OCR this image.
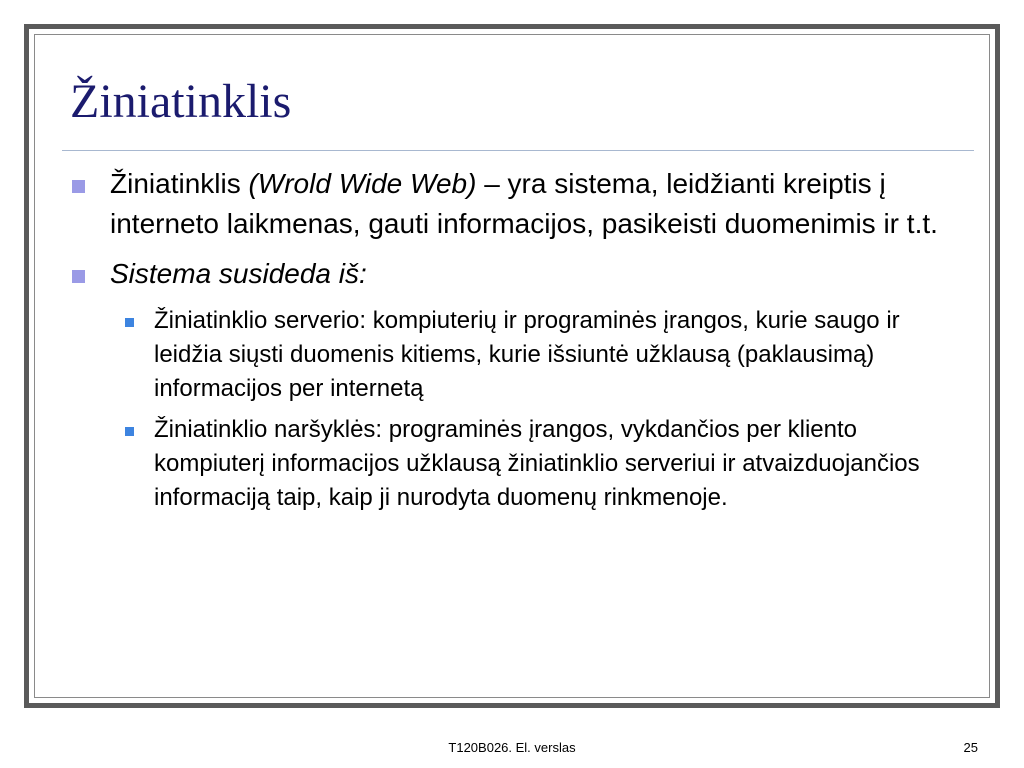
Žiniatinklis
Žiniatinklis (Wrold Wide Web) – yra sistema, leidžianti kreiptis į interneto laikmenas, gauti informacijos, pasikeisti duomenimis ir t.t.
Sistema susideda iš:
Žiniatinklio serverio: kompiuterių ir programinės įrangos, kurie saugo ir leidžia siųsti duomenis kitiems, kurie išsiuntė užklausą (paklausimą) informacijos per internetą
Žiniatinklio naršyklės: programinės įrangos, vykdančios per kliento kompiuterį informacijos užklausą žiniatinklio serveriui ir atvaizduojančios informaciją taip, kaip ji nurodyta duomenų rinkmenoje.
T120B026. El. verslas	25
